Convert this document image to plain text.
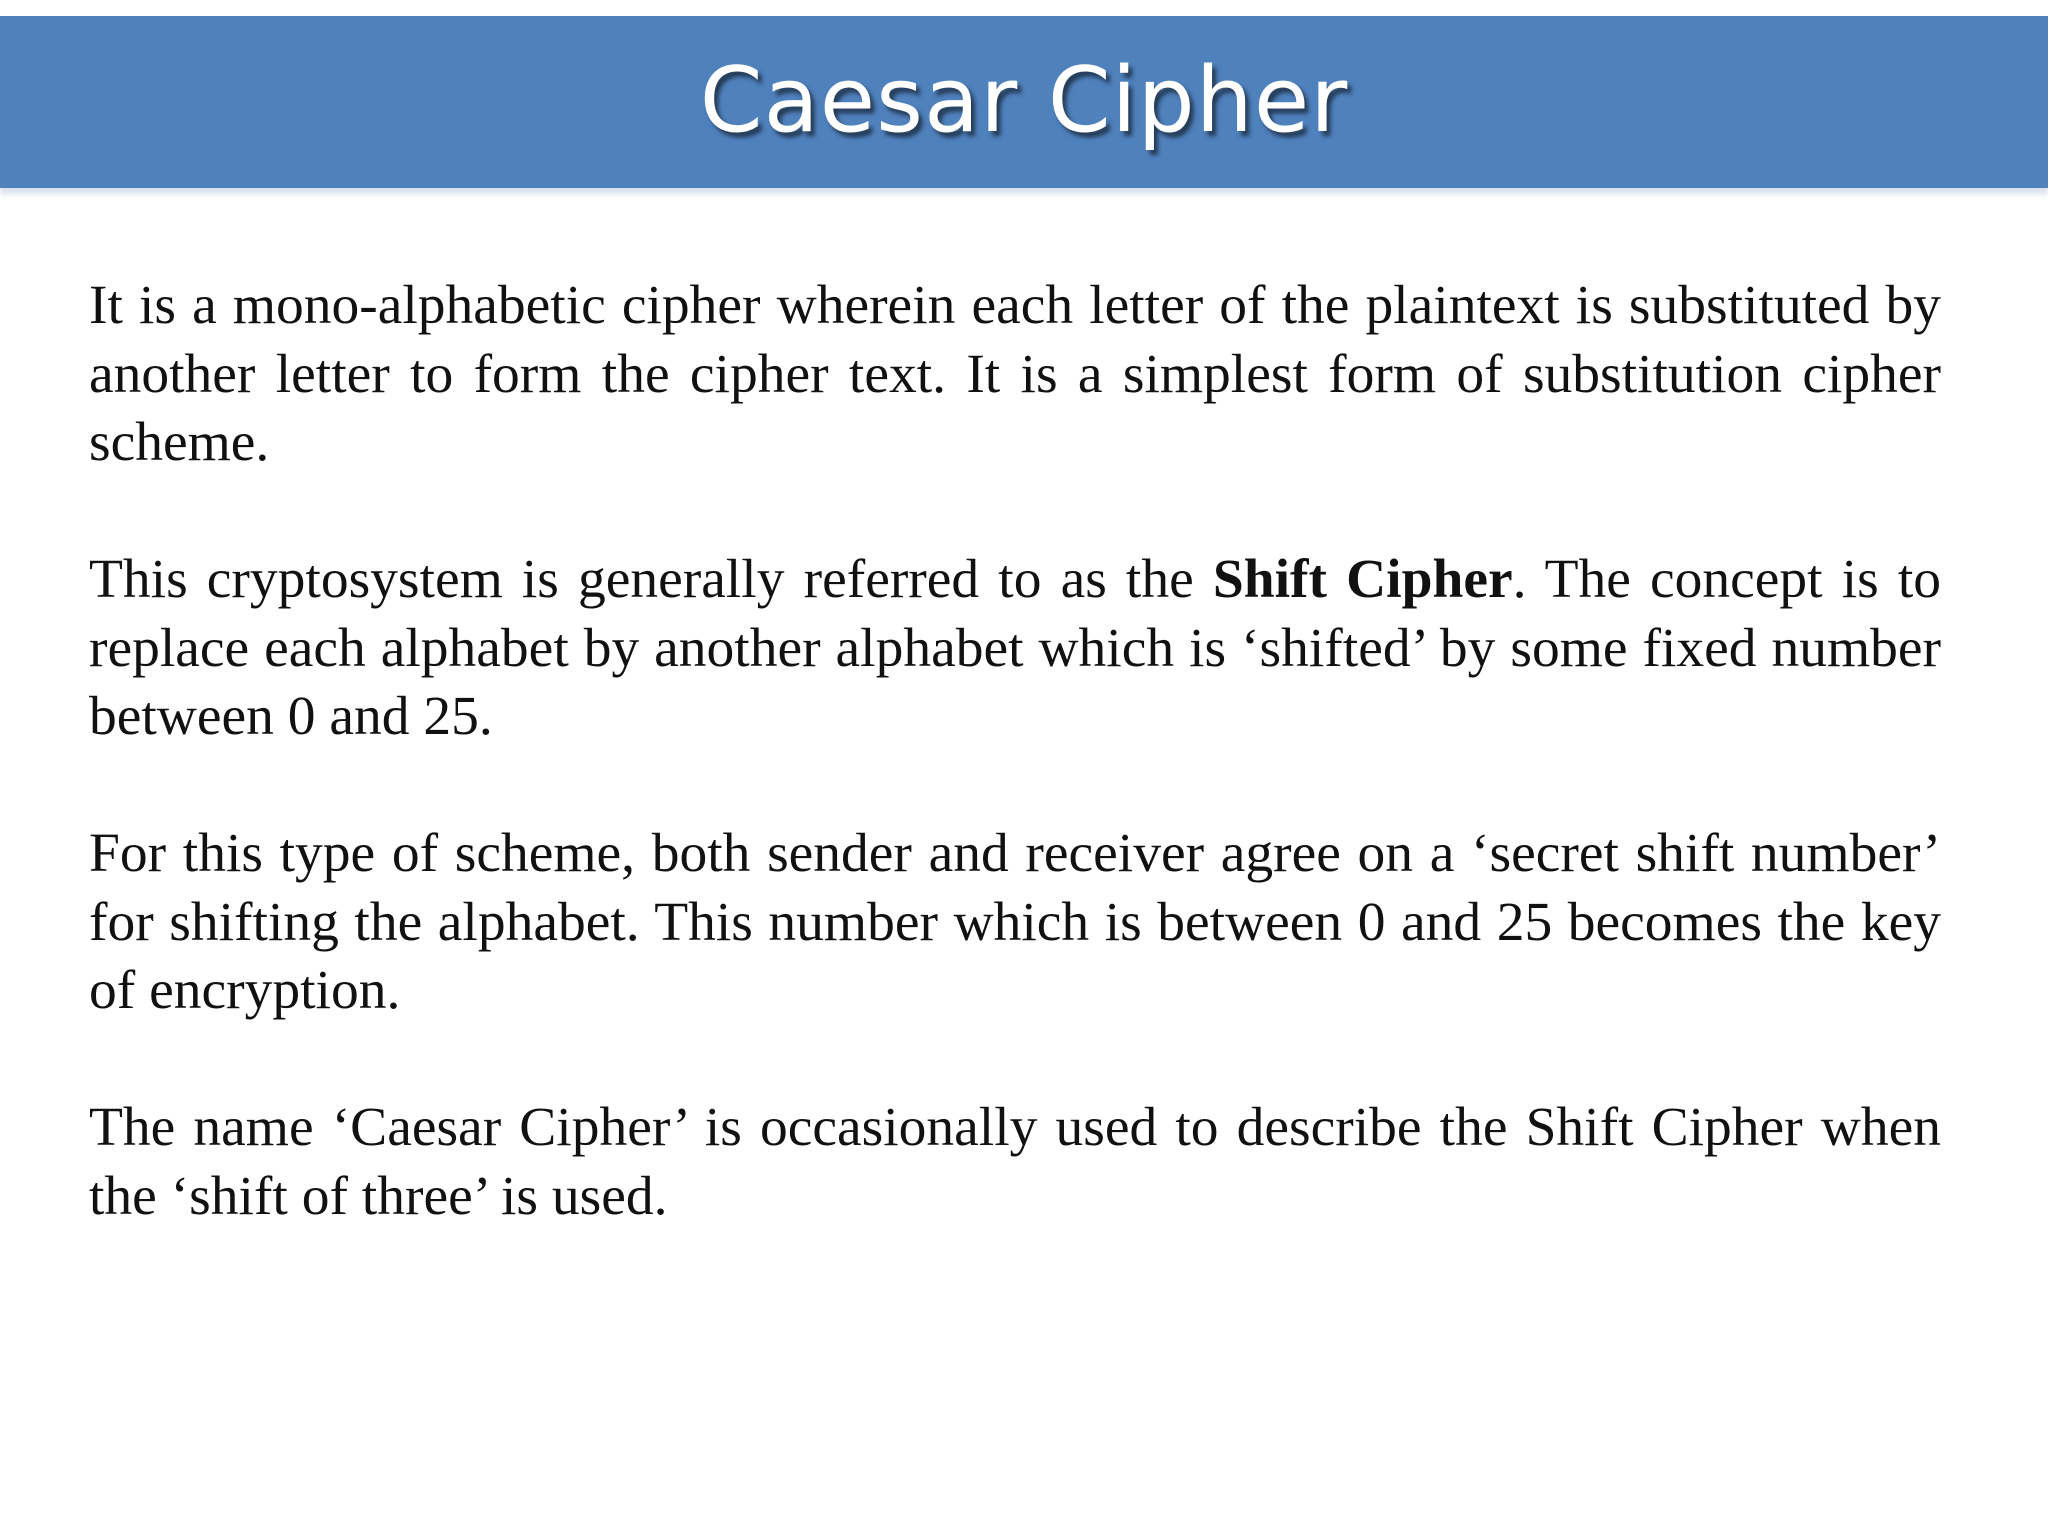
Caesar Cipher

It is a mono-alphabetic cipher wherein each letter of the plaintext is substituted by another letter to form the cipher text. It is a simplest form of substitution cipher scheme.

This cryptosystem is generally referred to as the Shift Cipher. The concept is to replace each alphabet by another alphabet which is ‘shifted’ by some fixed number between 0 and 25.

For this type of scheme, both sender and receiver agree on a ‘secret shift number’ for shifting the alphabet. This number which is between 0 and 25 becomes the key of encryption.

The name ‘Caesar Cipher’ is occasionally used to describe the Shift Cipher when the ‘shift of three’ is used.
